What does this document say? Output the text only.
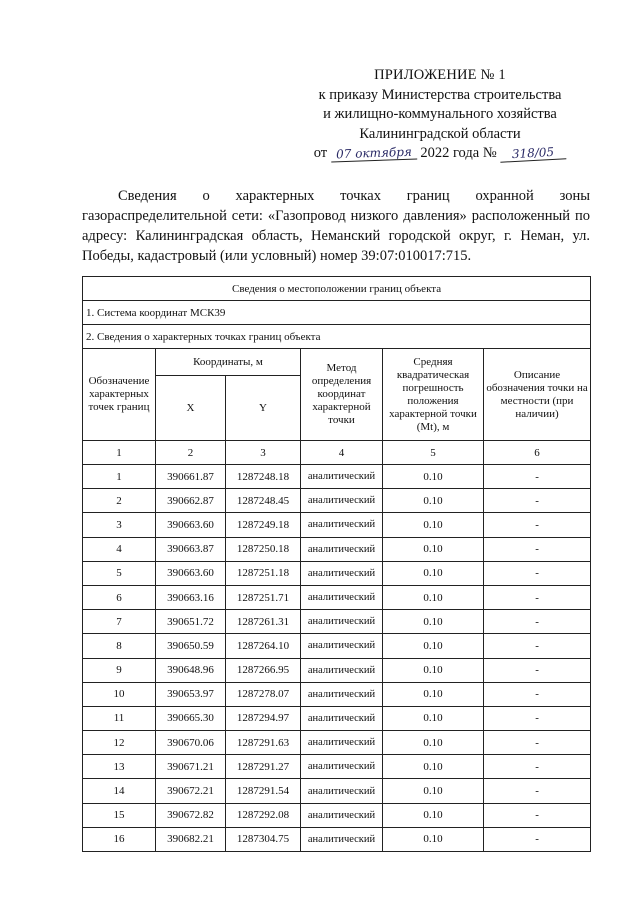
ПРИЛОЖЕНИЕ № 1
к приказу Министерства строительства
и жилищно-коммунального хозяйства
Калининградской области
от 07 октября 2022 года № 318/05
Сведения о характерных точках границ охранной зоны газораспределительной сети: «Газопровод низкого давления» расположенный по адресу: Калининградская область, Неманский городской округ, г. Неман, ул. Победы, кадастровый (или условный) номер 39:07:010017:715.
Сведения о местоположении границ объекта					
1. Система координат МСК39					
2. Сведения о характерных точках границ объекта					
Обозначение характерных точек границ	Координаты, м		Метод определения координат характерной точки	Средняя квадратическая погрешность положения характерной точки (Mt), м	Описание обозначения точки на местности (при наличии)
	X	Y			
1	2	3	4	5	6
1	390661.87	1287248.18	аналитический	0.10	-
2	390662.87	1287248.45	аналитический	0.10	-
3	390663.60	1287249.18	аналитический	0.10	-
4	390663.87	1287250.18	аналитический	0.10	-
5	390663.60	1287251.18	аналитический	0.10	-
6	390663.16	1287251.71	аналитический	0.10	-
7	390651.72	1287261.31	аналитический	0.10	-
8	390650.59	1287264.10	аналитический	0.10	-
9	390648.96	1287266.95	аналитический	0.10	-
10	390653.97	1287278.07	аналитический	0.10	-
11	390665.30	1287294.97	аналитический	0.10	-
12	390670.06	1287291.63	аналитический	0.10	-
13	390671.21	1287291.27	аналитический	0.10	-
14	390672.21	1287291.54	аналитический	0.10	-
15	390672.82	1287292.08	аналитический	0.10	-
16	390682.21	1287304.75	аналитический	0.10	-
